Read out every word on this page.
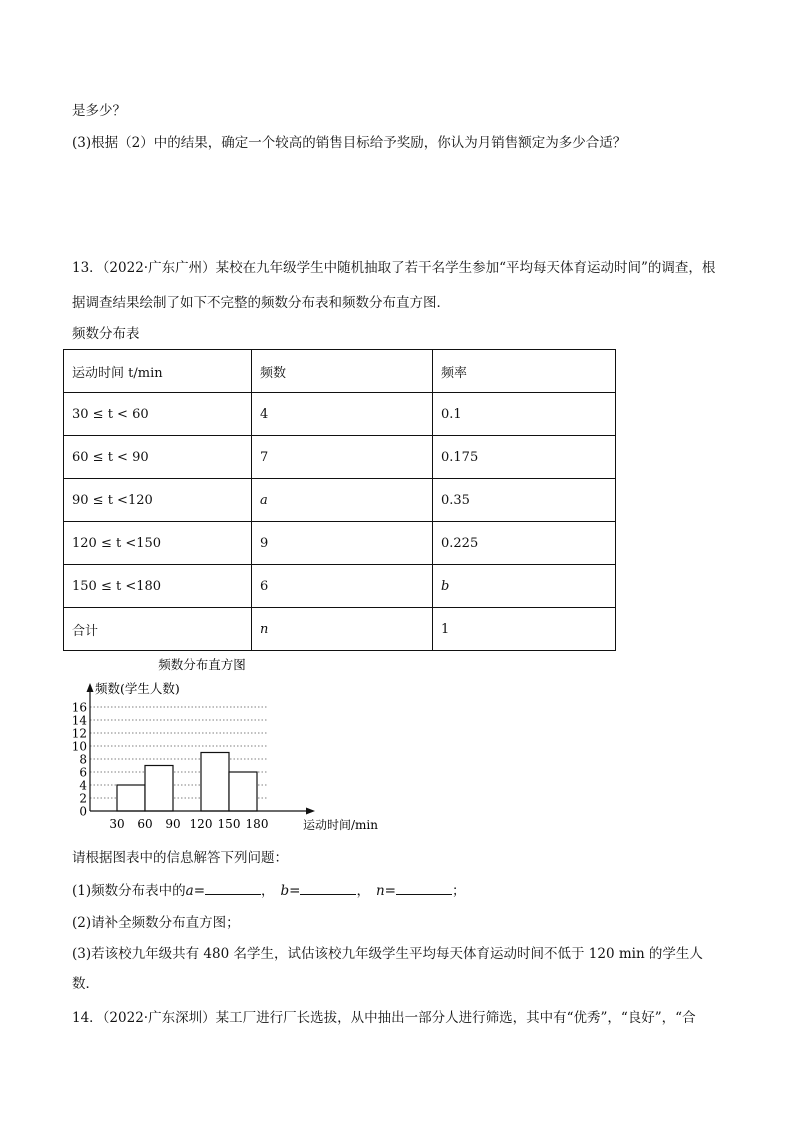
是多少？
(3)根据（2）中的结果，确定一个较高的销售目标给予奖励，你认为月销售额定为多少合适？
13．（2022·广东广州）某校在九年级学生中随机抽取了若干名学生参加“平均每天体育运动时间”的调查，根
据调查结果绘制了如下不完整的频数分布表和频数分布直方图．
频数分布表
运动时间 t/min	频数	频率
30 ≤ t < 60	4	0.1
60 ≤ t < 90	7	0.175
90 ≤ t <120	a	0.35
120 ≤ t <150	9	0.225
150 ≤ t <180	6	b
合计	n	1
频数分布直方图
频数(学生人数)
运动时间/min
0
2
4
6
8
10
12
14
16
30 60 90 120 150 180
请根据图表中的信息解答下列问题：
(1)频数分布表中的a=	， b=	， n=	；
(2)请补全频数分布直方图；
(3)若该校九年级共有 480 名学生，试估该校九年级学生平均每天体育运动时间不低于 120 min 的学生人
数．
14．（2022·广东深圳）某工厂进行厂长选拔，从中抽出一部分人进行筛选，其中有“优秀”，“良好”，“合
